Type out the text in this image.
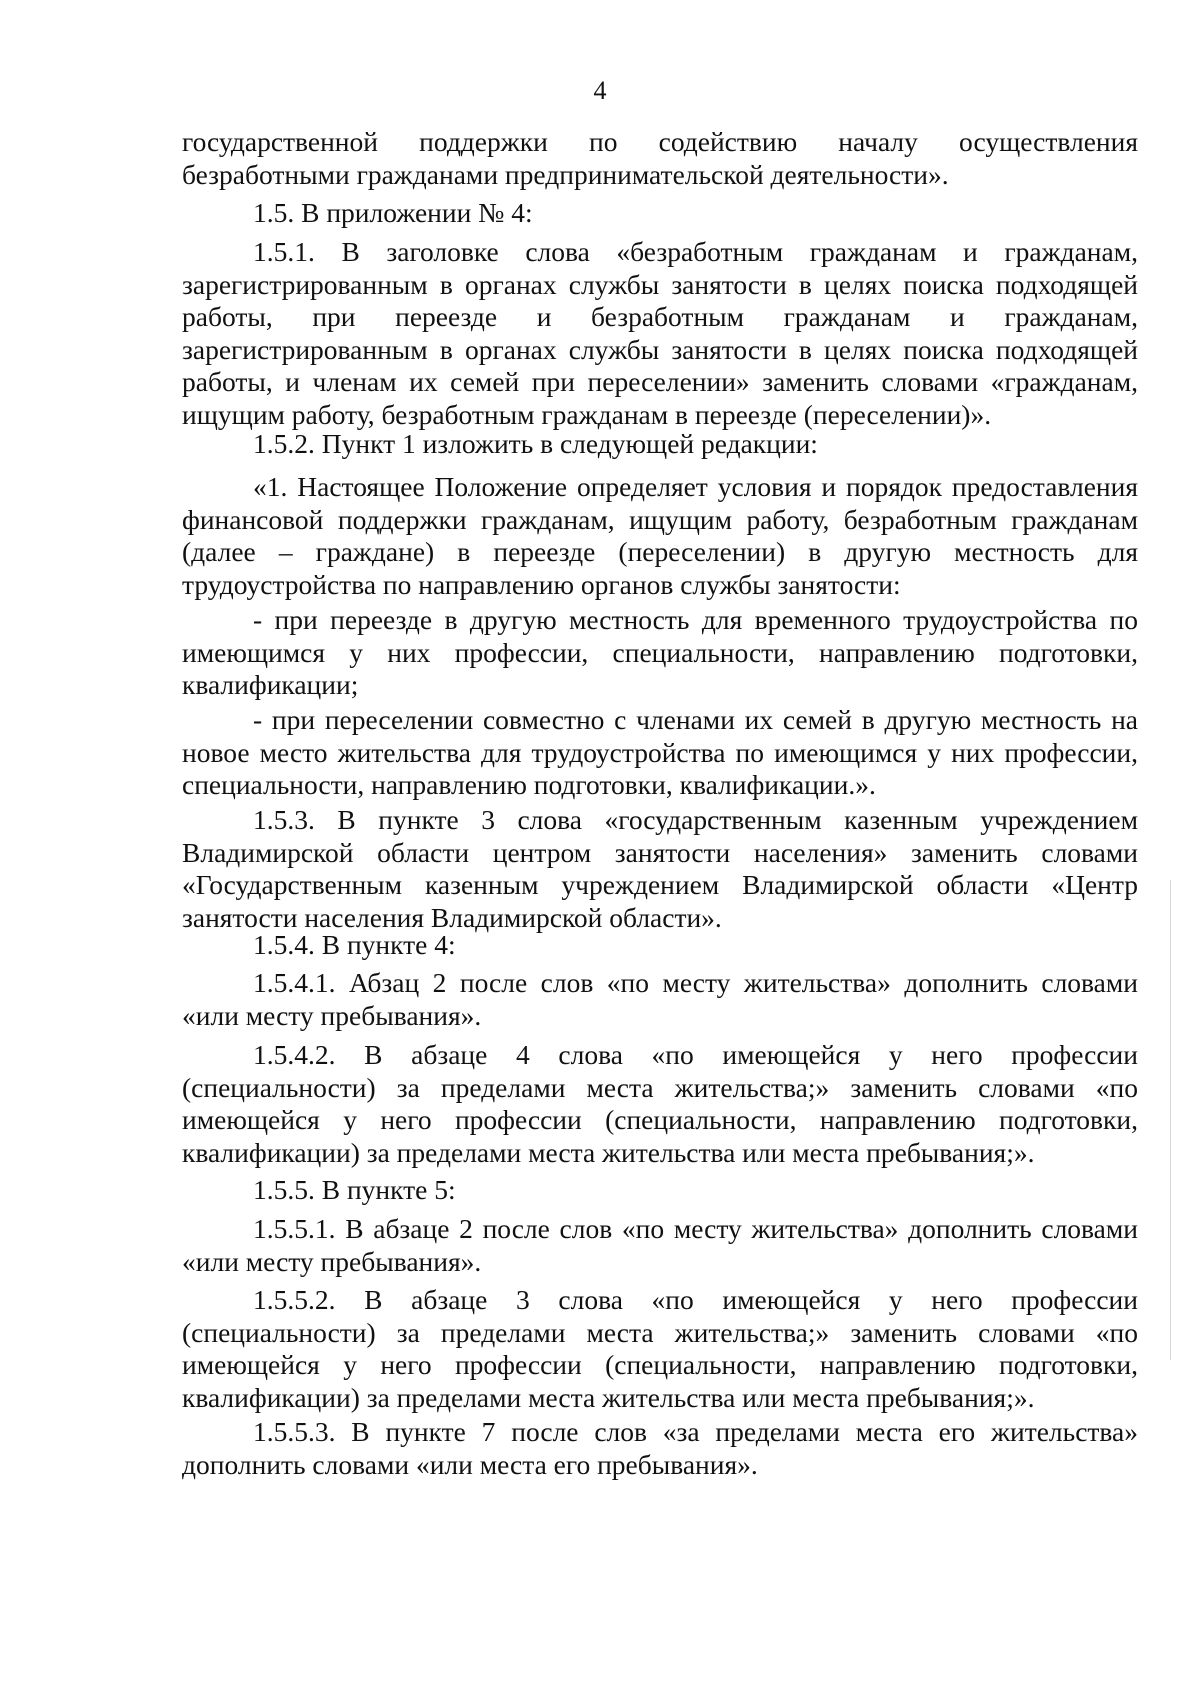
4

государственной поддержки по содействию началу осуществления безработными гражданами предпринимательской деятельности».

1.5. В приложении № 4:

1.5.1. В заголовке слова «безработным гражданам и гражданам, зарегистрированным в органах службы занятости в целях поиска подходящей работы, при переезде и безработным гражданам и гражданам, зарегистрированным в органах службы занятости в целях поиска подходящей работы, и членам их семей при переселении» заменить словами «гражданам, ищущим работу, безработным гражданам в переезде (переселении)».

1.5.2. Пункт 1 изложить в следующей редакции:

«1. Настоящее Положение определяет условия и порядок предоставления финансовой поддержки гражданам, ищущим работу, безработным гражданам (далее – граждане) в переезде (переселении) в другую местность для трудоустройства по направлению органов службы занятости:

- при переезде в другую местность для временного трудоустройства по имеющимся у них профессии, специальности, направлению подготовки, квалификации;

- при переселении совместно с членами их семей в другую местность на новое место жительства для трудоустройства по имеющимся у них профессии, специальности, направлению подготовки, квалификации.».

1.5.3. В пункте 3 слова «государственным казенным учреждением Владимирской области центром занятости населения» заменить словами «Государственным казенным учреждением Владимирской области «Центр занятости населения Владимирской области».

1.5.4. В пункте 4:

1.5.4.1. Абзац 2 после слов «по месту жительства» дополнить словами «или месту пребывания».

1.5.4.2. В абзаце 4 слова «по имеющейся у него профессии (специальности) за пределами места жительства;» заменить словами «по имеющейся у него профессии (специальности, направлению подготовки, квалификации) за пределами места жительства или места пребывания;».

1.5.5. В пункте 5:

1.5.5.1. В абзаце 2 после слов «по месту жительства» дополнить словами «или месту пребывания».

1.5.5.2. В абзаце 3 слова «по имеющейся у него профессии (специальности) за пределами места жительства;» заменить словами «по имеющейся у него профессии (специальности, направлению подготовки, квалификации) за пределами места жительства или места пребывания;».

1.5.5.3. В пункте 7 после слов «за пределами места его жительства» дополнить словами «или места его пребывания».
